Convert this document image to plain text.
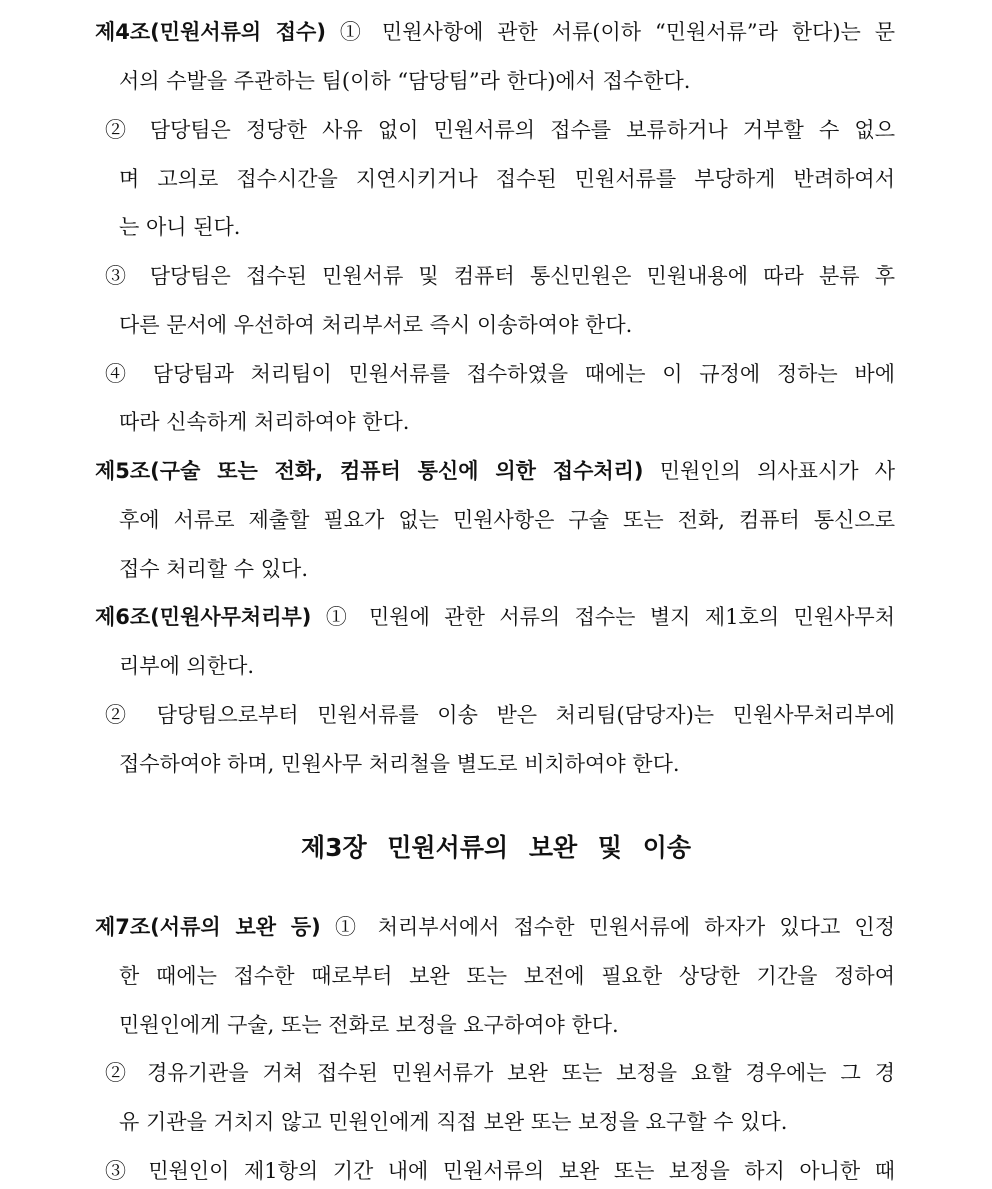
제4조(민원서류의 접수) ① 민원사항에 관한 서류(이하 “민원서류”라 한다)는 문
서의 수발을 주관하는 팀(이하 “담당팀”라 한다)에서 접수한다.
② 담당팀은 정당한 사유 없이 민원서류의 접수를 보류하거나 거부할 수 없으
며 고의로 접수시간을 지연시키거나 접수된 민원서류를 부당하게 반려하여서
는 아니 된다.
③ 담당팀은 접수된 민원서류 및 컴퓨터 통신민원은 민원내용에 따라 분류 후
다른 문서에 우선하여 처리부서로 즉시 이송하여야 한다.
④ 담당팀과 처리팀이 민원서류를 접수하였을 때에는 이 규정에 정하는 바에
따라 신속하게 처리하여야 한다.
제5조(구술 또는 전화, 컴퓨터 통신에 의한 접수처리) 민원인의 의사표시가 사
후에 서류로 제출할 필요가 없는 민원사항은 구술 또는 전화, 컴퓨터 통신으로
접수 처리할 수 있다.
제6조(민원사무처리부) ① 민원에 관한 서류의 접수는 별지 제1호의 민원사무처
리부에 의한다.
② 담당팀으로부터 민원서류를 이송 받은 처리팀(담당자)는 민원사무처리부에
접수하여야 하며, 민원사무 처리철을 별도로 비치하여야 한다.
제3장 민원서류의 보완 및 이송
제7조(서류의 보완 등) ① 처리부서에서 접수한 민원서류에 하자가 있다고 인정
한 때에는 접수한 때로부터 보완 또는 보전에 필요한 상당한 기간을 정하여
민원인에게 구술, 또는 전화로 보정을 요구하여야 한다.
② 경유기관을 거쳐 접수된 민원서류가 보완 또는 보정을 요할 경우에는 그 경
유 기관을 거치지 않고 민원인에게 직접 보완 또는 보정을 요구할 수 있다.
③ 민원인이 제1항의 기간 내에 민원서류의 보완 또는 보정을 하지 아니한 때
